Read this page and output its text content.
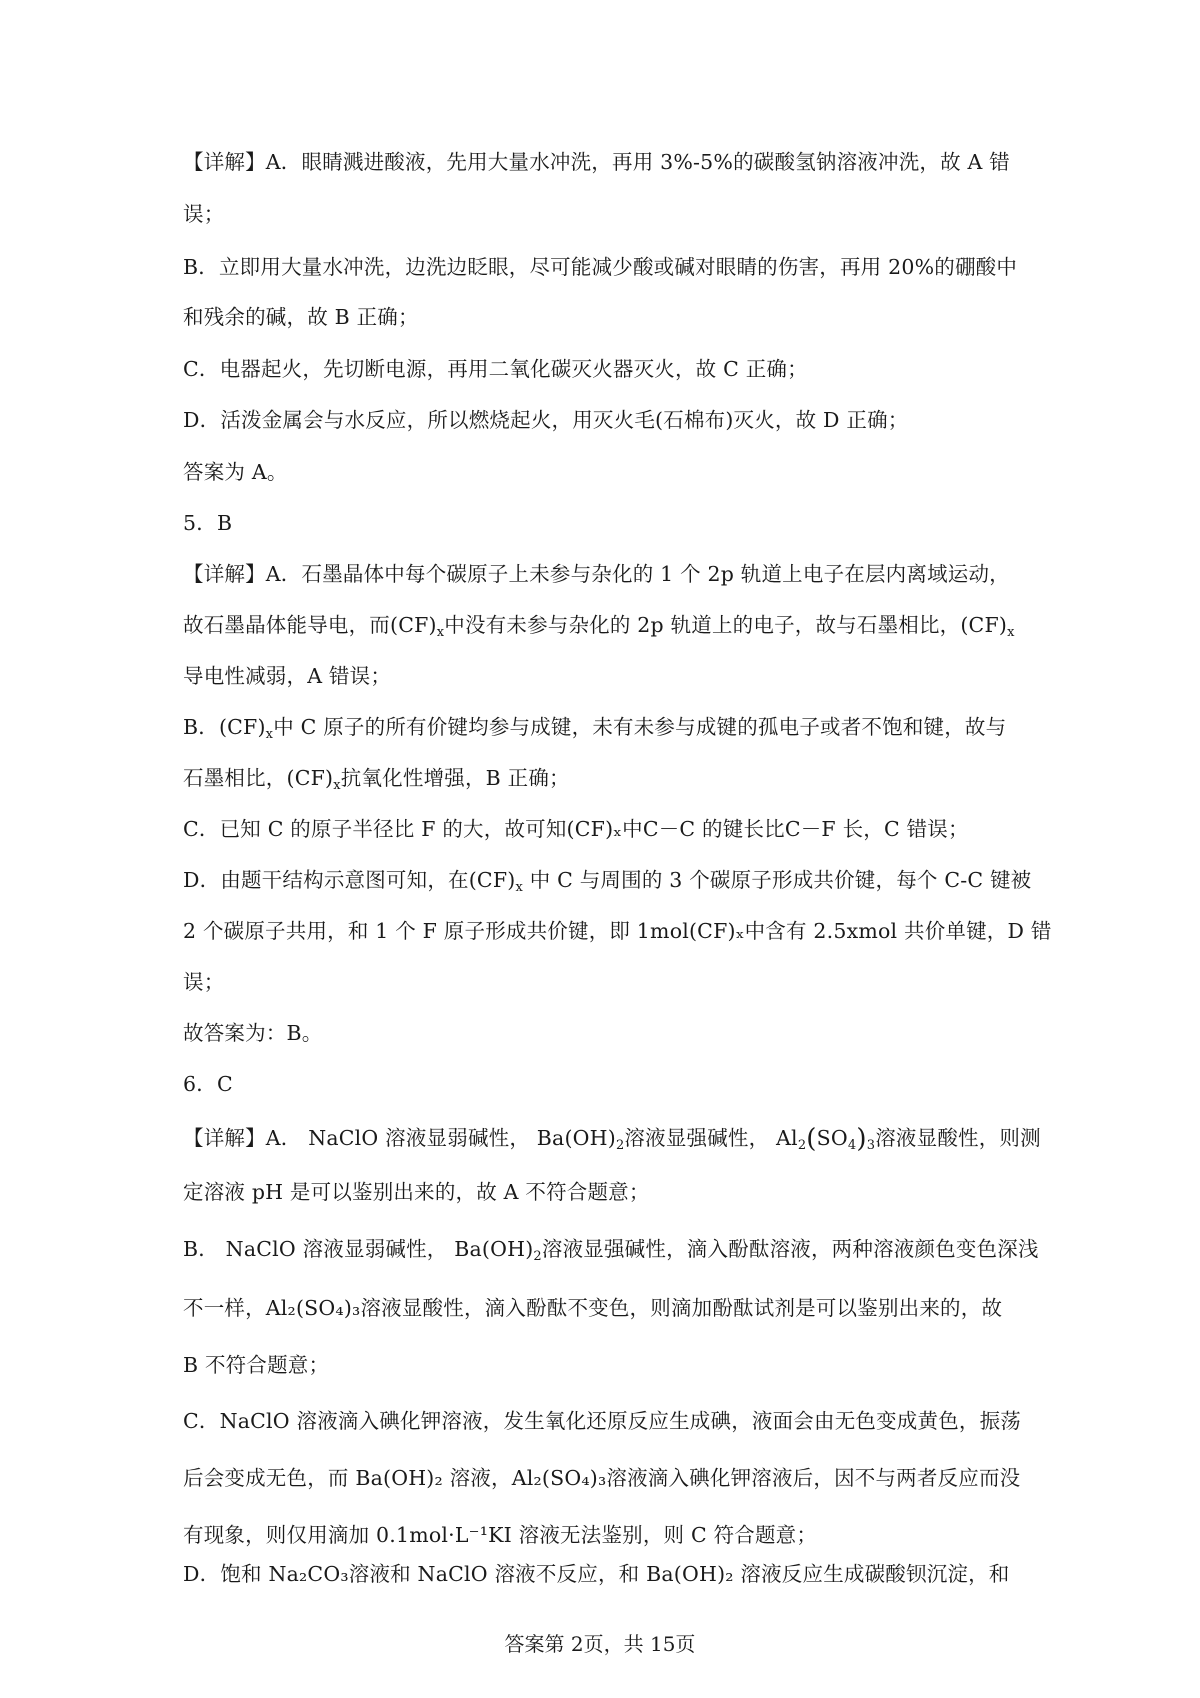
【详解】A．眼睛溅进酸液，先用大量水冲洗，再用 3%-5%的碳酸氢钠溶液冲洗，故 A 错
误；
B．立即用大量水冲洗，边洗边眨眼，尽可能减少酸或碱对眼睛的伤害，再用 20%的硼酸中
和残余的碱，故 B 正确；
C．电器起火，先切断电源，再用二氧化碳灭火器灭火，故 C 正确；
D．活泼金属会与水反应，所以燃烧起火，用灭火毛(石棉布)灭火，故 D 正确；
答案为 A。
5．B
【详解】A．石墨晶体中每个碳原子上未参与杂化的 1 个 2p 轨道上电子在层内离域运动，
故石墨晶体能导电，而$(CF)_x$中没有未参与杂化的 2p 轨道上的电子，故与石墨相比，$(CF)_x$
导电性减弱，A 错误；
B．$(CF)_x$中 C 原子的所有价键均参与成键，未有未参与成键的孤电子或者不饱和键，故与
石墨相比，$(CF)_x$抗氧化性增强，B 正确；
C．已知 C 的原子半径比 F 的大，故可知(CF)ₓ中C－C 的键长比C－F 长，C 错误；
D．由题干结构示意图可知，在$(CF)_x$ 中 C 与周围的 3 个碳原子形成共价键，每个 C-C 键被
2 个碳原子共用，和 1 个 F 原子形成共价键，即 1mol(CF)ₓ中含有 2.5xmol 共价单键，D 错
误；
故答案为：B。
6．C
【详解】A． NaClO 溶液显弱碱性， $Ba(OH)_2$溶液显强碱性， $Al_2(SO_4)_3$溶液显酸性，则测
定溶液 pH 是可以鉴别出来的，故 A 不符合题意；
B． NaClO 溶液显弱碱性， $Ba(OH)_2$溶液显强碱性，滴入酚酞溶液，两种溶液颜色变色深浅
不一样，Al₂(SO₄)₃溶液显酸性，滴入酚酞不变色，则滴加酚酞试剂是可以鉴别出来的，故
B 不符合题意；
C．NaClO 溶液滴入碘化钾溶液，发生氧化还原反应生成碘，液面会由无色变成黄色，振荡
后会变成无色，而 Ba(OH)₂ 溶液，Al₂(SO₄)₃溶液滴入碘化钾溶液后，因不与两者反应而没
有现象，则仅用滴加 0.1mol·L⁻¹KI 溶液无法鉴别，则 C 符合题意；
D．饱和 Na₂CO₃溶液和 NaClO 溶液不反应，和 Ba(OH)₂ 溶液反应生成碳酸钡沉淀，和
答案第 2页，共 15页
